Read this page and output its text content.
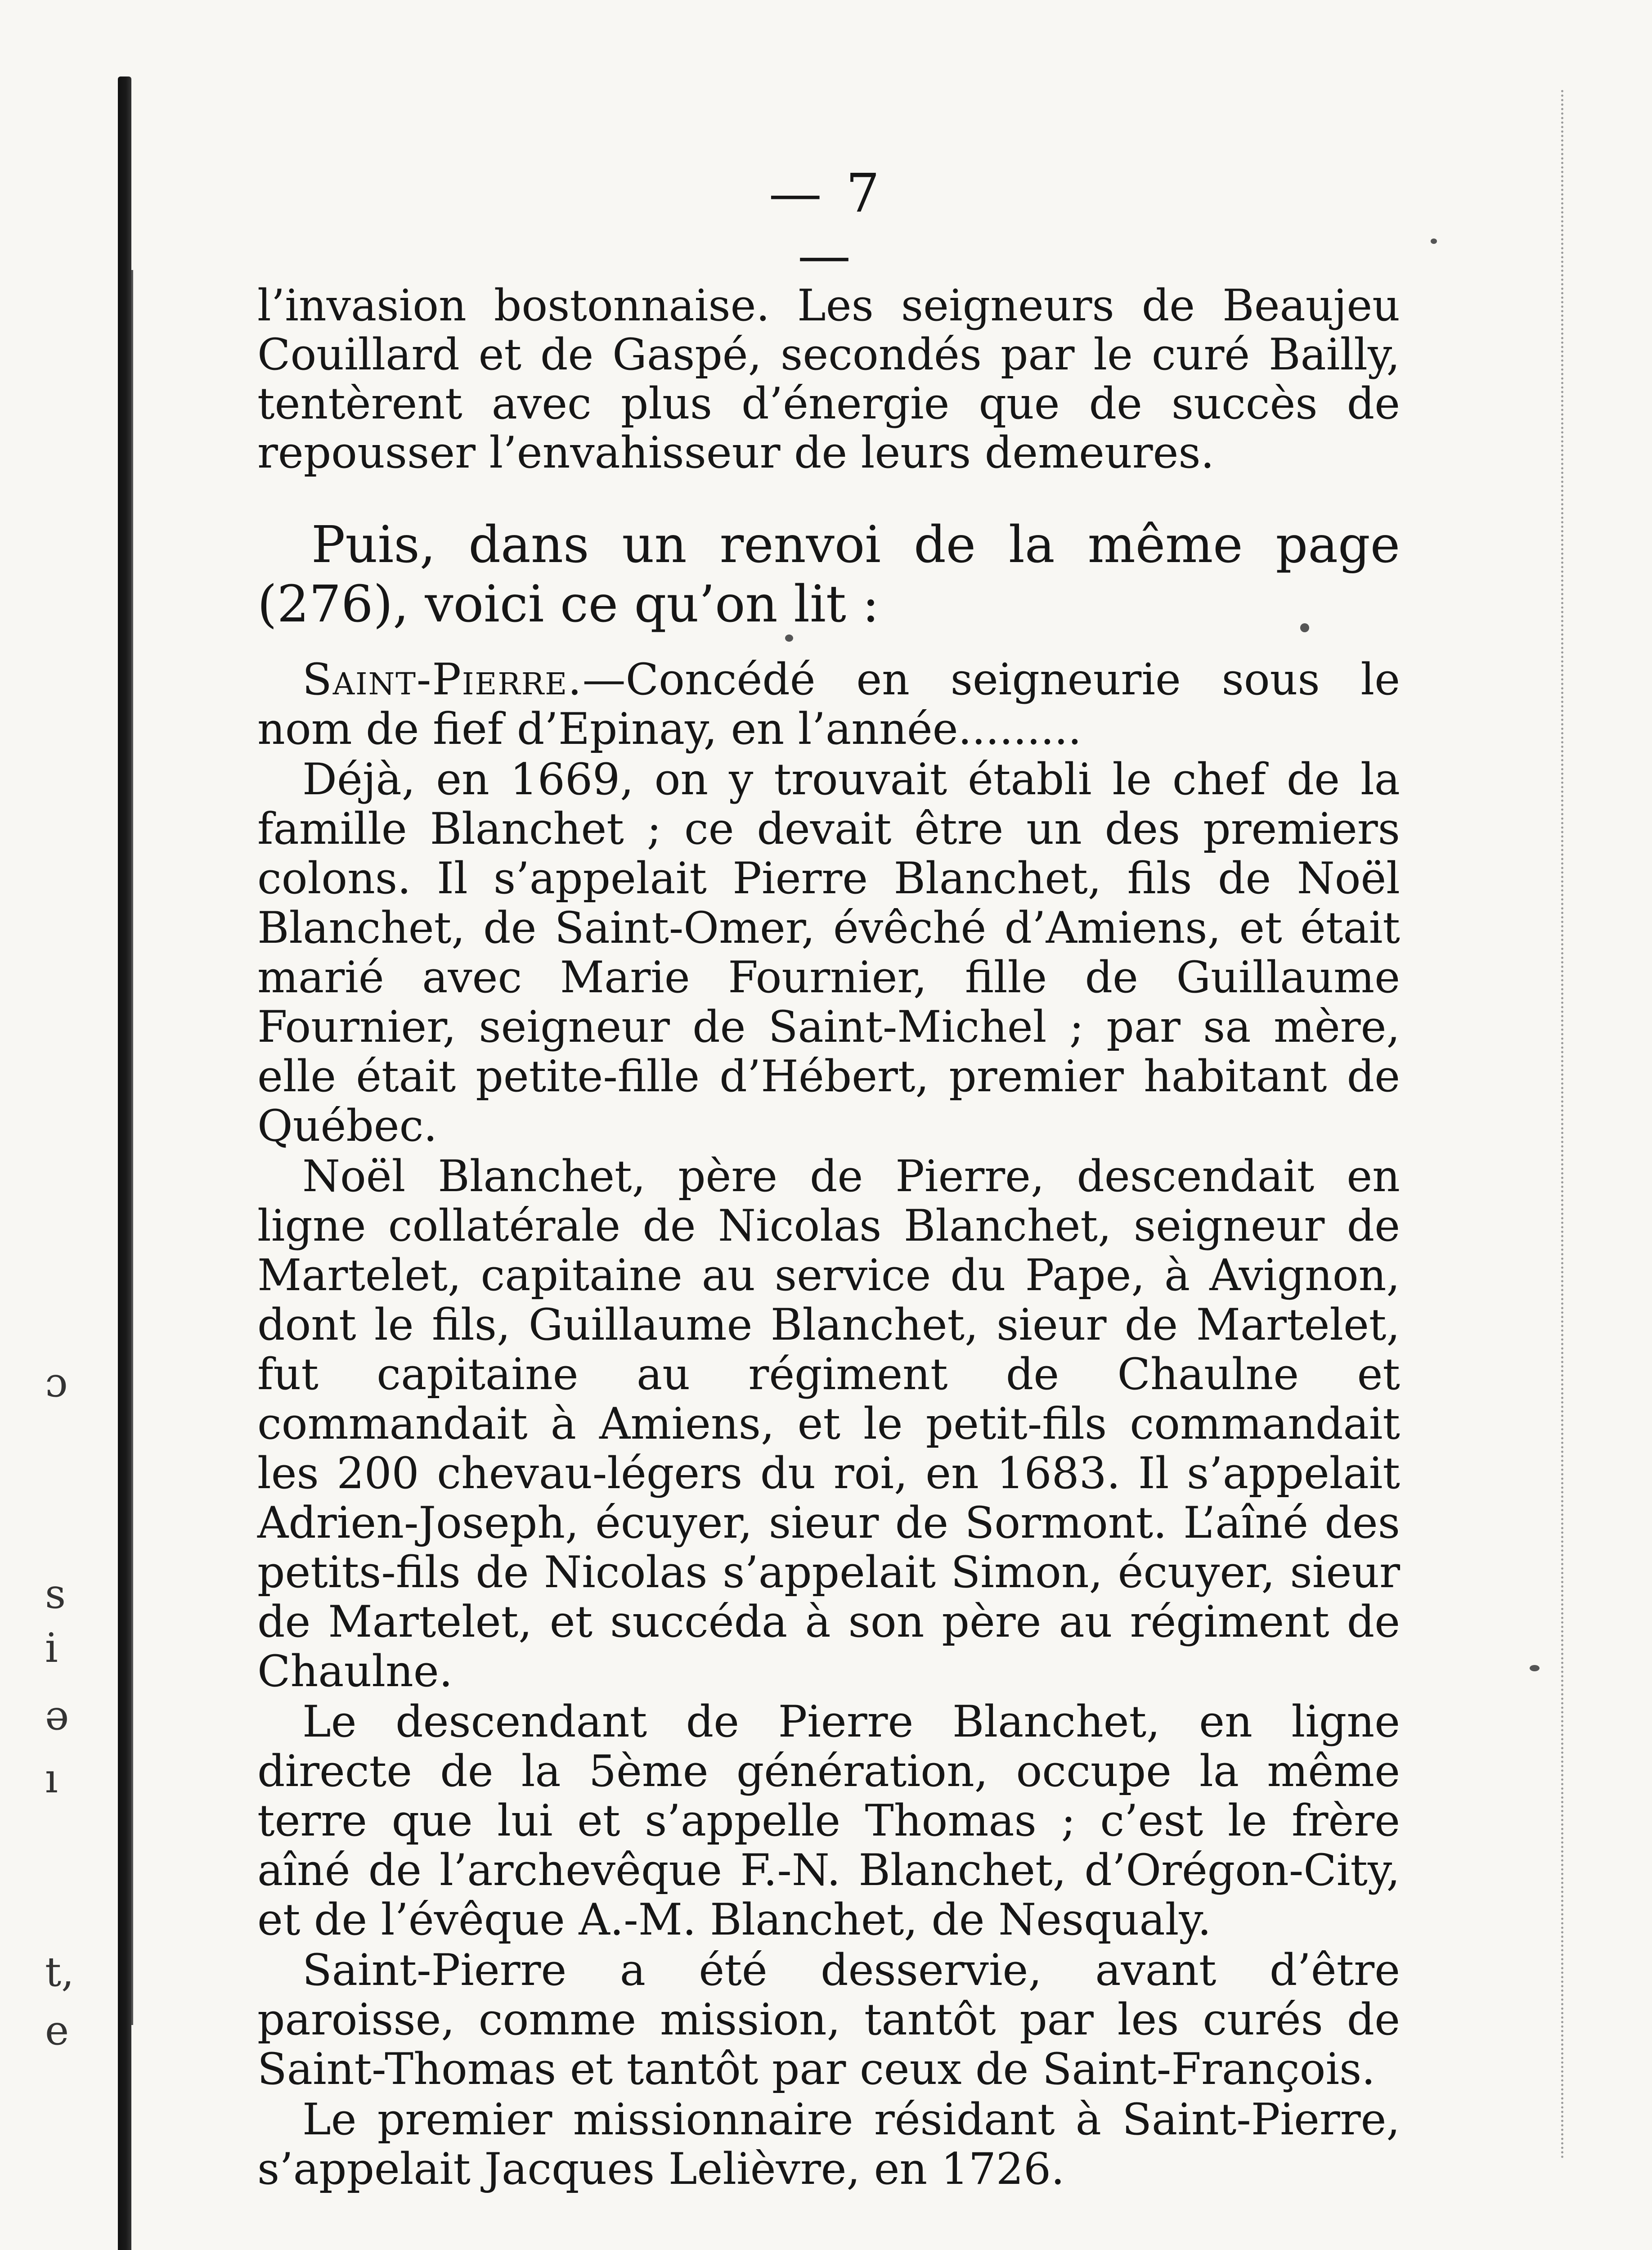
ɔ
s
i
ə
ı
t,
e
— 7 —

l’invasion bostonnaise. Les seigneurs de Beaujeu Couillard et de Gaspé, secondés par le curé Bailly, tentèrent avec plus d’énergie que de succès de repousser l’envahisseur de leurs demeures.

Puis, dans un renvoi de la même page (276), voici ce qu’on lit :

Saint-Pierre.—Concédé en seigneurie sous le nom de fief d’Epinay, en l’année.........

Déjà, en 1669, on y trouvait établi le chef de la famille Blanchet ; ce devait être un des premiers colons. Il s’appelait Pierre Blanchet, fils de Noël Blanchet, de Saint-Omer, évêché d’Amiens, et était marié avec Marie Fournier, fille de Guillaume Fournier, seigneur de Saint-Michel ; par sa mère, elle était petite-fille d’Hébert, premier habitant de Québec.

Noël Blanchet, père de Pierre, descendait en ligne collatérale de Nicolas Blanchet, seigneur de Martelet, capitaine au service du Pape, à Avignon, dont le fils, Guillaume Blanchet, sieur de Martelet, fut capitaine au régiment de Chaulne et commandait à Amiens, et le petit-fils commandait les 200 chevau-légers du roi, en 1683. Il s’appelait Adrien-Joseph, écuyer, sieur de Sormont. L’aîné des petits-fils de Nicolas s’appelait Simon, écuyer, sieur de Martelet, et succéda à son père au régiment de Chaulne.

Le descendant de Pierre Blanchet, en ligne directe de la 5ème génération, occupe la même terre que lui et s’appelle Thomas ; c’est le frère aîné de l’archevêque F.-N. Blanchet, d’Orégon-City, et de l’évêque A.-M. Blanchet, de Nesqualy.

Saint-Pierre a été desservie, avant d’être paroisse, comme mission, tantôt par les curés de Saint-Thomas et tantôt par ceux de Saint-François.

Le premier missionnaire résidant à Saint-Pierre, s’appelait Jacques Lelièvre, en 1726.
